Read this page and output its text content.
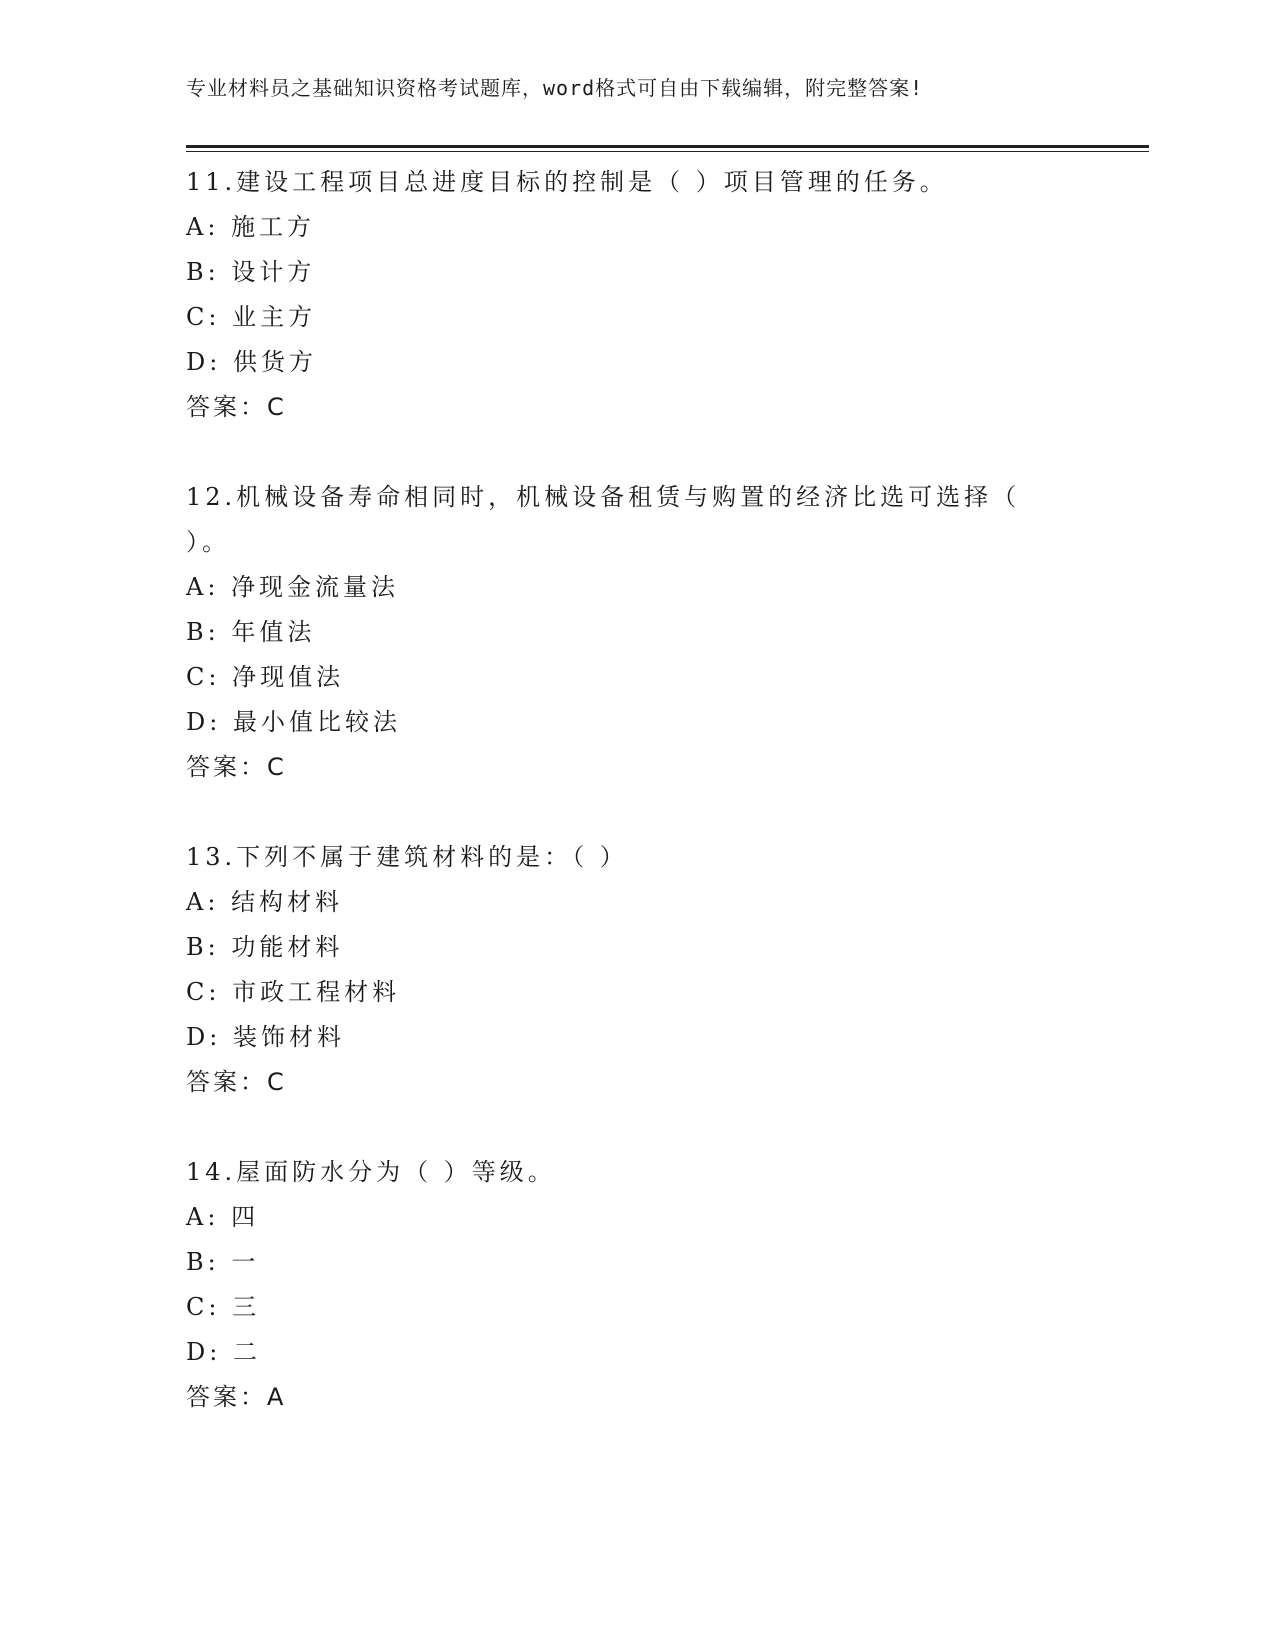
专业材料员之基础知识资格考试题库，word格式可自由下载编辑，附完整答案!
11.建设工程项目总进度目标的控制是（ ）项目管理的任务。
A: 施工方
B: 设计方
C: 业主方
D: 供货方
答案：C
12.机械设备寿命相同时，机械设备租赁与购置的经济比选可选择（ ）。
A: 净现金流量法
B: 年值法
C: 净现值法
D: 最小值比较法
答案：C
13.下列不属于建筑材料的是：（ ）
A: 结构材料
B: 功能材料
C: 市政工程材料
D: 装饰材料
答案：C
14.屋面防水分为（ ）等级。
A: 四
B: 一
C: 三
D: 二
答案：A
